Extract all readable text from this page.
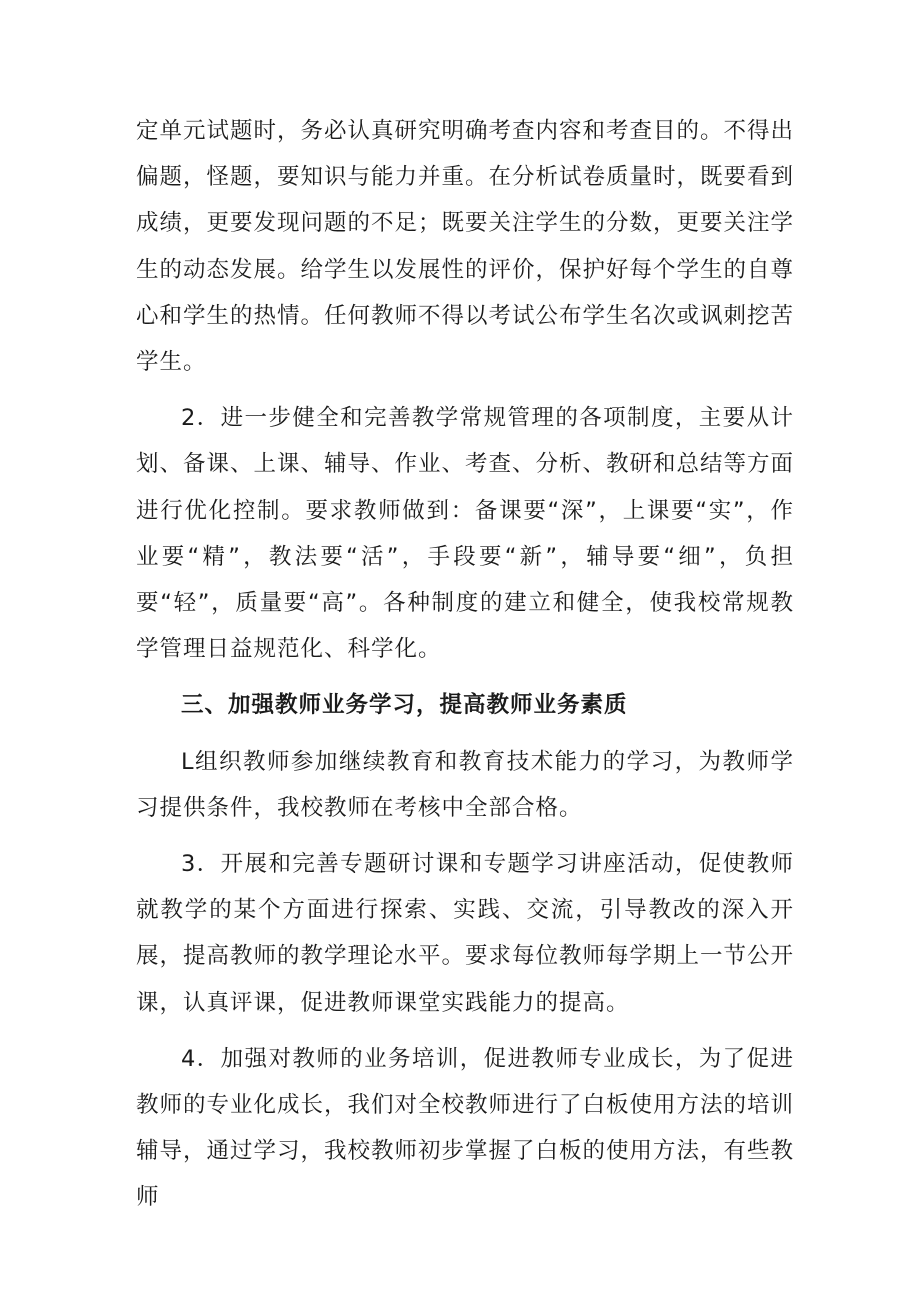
定单元试题时，务必认真研究明确考查内容和考查目的。不得出偏题，怪题，要知识与能力并重。在分析试卷质量时，既要看到成绩，更要发现问题的不足；既要关注学生的分数，更要关注学生的动态发展。给学生以发展性的评价，保护好每个学生的自尊心和学生的热情。任何教师不得以考试公布学生名次或讽刺挖苦学生。

2．进一步健全和完善教学常规管理的各项制度，主要从计划、备课、上课、辅导、作业、考查、分析、教研和总结等方面进行优化控制。要求教师做到：备课要“深”，上课要“实”，作业要“精”，教法要“活”，手段要“新”，辅导要“细”，负担要“轻”，质量要“高”。各种制度的建立和健全，使我校常规教学管理日益规范化、科学化。

三、加强教师业务学习，提高教师业务素质

L组织教师参加继续教育和教育技术能力的学习，为教师学习提供条件，我校教师在考核中全部合格。

3．开展和完善专题研讨课和专题学习讲座活动，促使教师就教学的某个方面进行探索、实践、交流，引导教改的深入开展，提高教师的教学理论水平。要求每位教师每学期上一节公开课，认真评课，促进教师课堂实践能力的提高。

4．加强对教师的业务培训，促进教师专业成长，为了促进教师的专业化成长，我们对全校教师进行了白板使用方法的培训辅导，通过学习，我校教师初步掌握了白板的使用方法，有些教师
